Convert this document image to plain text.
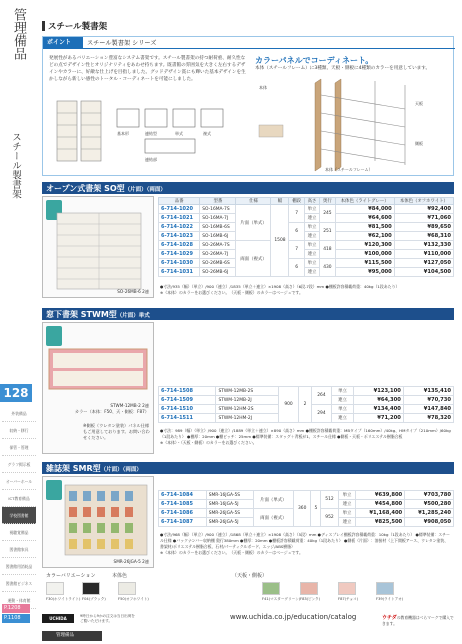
管理備品
スチール製書架
128
外装備品
収納・移行
保管・管理
グラフ掲示板
オーバーホール
ICT教育備品
学校図書館
視聴覚備品
図書館家具
図書館用消耗品
図書館ビジネス
運動・体育館
P.1208
P.1108
スチール製書架
ポイント	スチール製書架 シリーズ
発展性があるバリエーション豊富なシステム書架です。スチール製書架の持つ耐荷重、耐久性などの点でデザイン性とオリジナリティをあわせ持ちます。既書館の雰囲気を大きく左右するデザインやカラーに、好敵な仕上げを目指しました。グッドデザイン賞にも輝いた基本デザインを生かしながら新しい感性のトータル・コーディネートを可能にしました。
基本形	連結型	単式	複式
連結部
カラーパネルでコーディネート。
本体（スチールフレーム）に3種類、天板・側板に4種類のカラーを用意しています。
本体
天板
側板
本体（スチールフレーム）
オープン式書架 SO型（片面）（両面）
SO-26MB-6 2連
品番	型番	仕様	幅	棚段	高さ	奥行	本体色（ライトグレー）	本体色（オフホワイト）
6-714-1020	SO-16MA-7S	片面（単式）	1508	7	単立	245	¥84,000	¥92,400
6-714-1021	SO-16MA-7J				連立		¥64,600	¥71,060
6-714-1022	SO-16MB-6S			6	単立	251	¥81,500	¥89,650
6-714-1023	SO-16MB-6J				連立		¥62,100	¥68,310
6-714-1028	SO-26MA-7S	両面（複式）		7	単立	418	¥120,300	¥132,330
6-714-1029	SO-26MA-7J				連立		¥100,000	¥110,000
6-714-1030	SO-26MB-6S			6	単立	430	¥115,500	¥127,050
6-714-1031	SO-26MB-6J				連立		¥95,000	¥104,500
●寸法/935（幅）（単立）/900（連立）/1835（単立＋連立）×1908（高さ）（6段-7段）mm ●棚板許容積載荷重：40kg（1段あたり）
※（本体）のカラーをお選びください。（天板・側板）のカラーはベージュです。
窓下書架 STWM型（片面）単式
STWM-12MB-2 2連
カラー（本体：F50、天・側板：F87）
※側板（ウレタン塗装）パネル仕様もご用意しております。お問い合わせください。
6-714-1508	STWM-12MB-2S	900	2	264	単立	¥123,100	¥135,410
6-714-1509	STWM-12MB-2J				連立	¥64,300	¥70,730
6-714-1510	STWM-12HM-2S			294	単立	¥134,400	¥147,840
6-714-1511	STWM-12HM-2J				連立	¥71,200	¥78,320
●寸法：989（幅）（単立）/900（連立）/1889（単立＋連立）×890（高さ）mm ●棚板許容積載荷重：MBタイプ（160mm）/40kg、HMタイプ（210mm）/60kg（1段あたり） ●棚厚：20mm ●棚ピッチ：25mm ●標準装備：スタッグ＋背板が1、スチール仕様 ●側板・天板・ポリエステル樹脂合板
※（本体）・（天板・側板）のカラーをお選びください。
雑誌架 SMR型（片面）（両面）
SMR-26JGA-5 2連
6-714-1084	SMR-16JGA-5S	片面（単式）	360	5	512	単立	¥639,800	¥703,780
6-714-1085	SMR-16JGA-5J					連立	¥454,800	¥500,280
6-714-1086	SMR-26JGA-5S	両面（複式）			952	単立	¥1,168,400	¥1,285,240
6-714-1087	SMR-26JGA-5J					連立	¥825,500	¥908,050
●寸法/968（幅）（単立）/900（連立）/1868（単立＋連立）×1908（高さ）（5段）mm ●ディスプレイ棚板許容積載荷重：10kg（1段あたり） ●標準装備：スチール仕様 ●バックナンバー収納棚 奥行380mm ●棚厚：20mm ●棚板許容積載荷重：40kg（1段あたり） ●側板（片面）：溶接材（上下開板アース、ウレタン塗装、書架材/ポリエステル樹脂合板、石材/パーティクルボード、エッジ/ABS樹脂）
※（本体）のカラーをお選びください。（天板・側板）のカラーはベージュです。
カラーバリエーション	本体色	（天板・側板）
F30(ホワイトライト) F04(ブラック)	F50(オフホワイト)	F41(マスターグリーン) F83(ピンク)	F87(チョコ)	F39(ライトアオ)
UCHIDA	9時日から9かの注文は当日出荷を
ご覧いただけます。	www.uchida.co.jp/education/catalog	ウチダの教育機器はべらマークで購入できます。
管理備品
